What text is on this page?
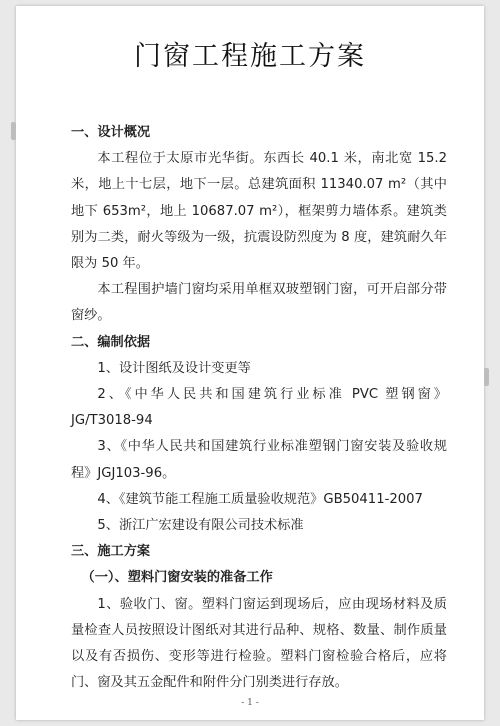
门窗工程施工方案

一、设计概况

本工程位于太原市光华街。东西长 40.1 米，南北宽 15.2 米，地上十七层，地下一层。总建筑面积 11340.07 m²（其中地下 653m²，地上 10687.07 m²），框架剪力墙体系。建筑类别为二类，耐火等级为一级，抗震设防烈度为 8 度，建筑耐久年限为 50 年。

本工程围护墙门窗均采用单框双玻塑钢门窗，可开启部分带窗纱。

二、编制依据

1、设计图纸及设计变更等

2、《中华人民共和国建筑行业标准 PVC 塑钢窗》JG/T3018-94

3、《中华人民共和国建筑行业标准塑钢门窗安装及验收规程》JGJ103-96。

4、《建筑节能工程施工质量验收规范》GB50411-2007

5、浙江广宏建设有限公司技术标准

三、施工方案

（一）、塑料门窗安装的准备工作

1、验收门、窗。塑料门窗运到现场后，应由现场材料及质量检查人员按照设计图纸对其进行品种、规格、数量、制作质量以及有否损伤、变形等进行检验。塑料门窗检验合格后，应将门、窗及其五金配件和附件分门别类进行存放。

- 1 -
